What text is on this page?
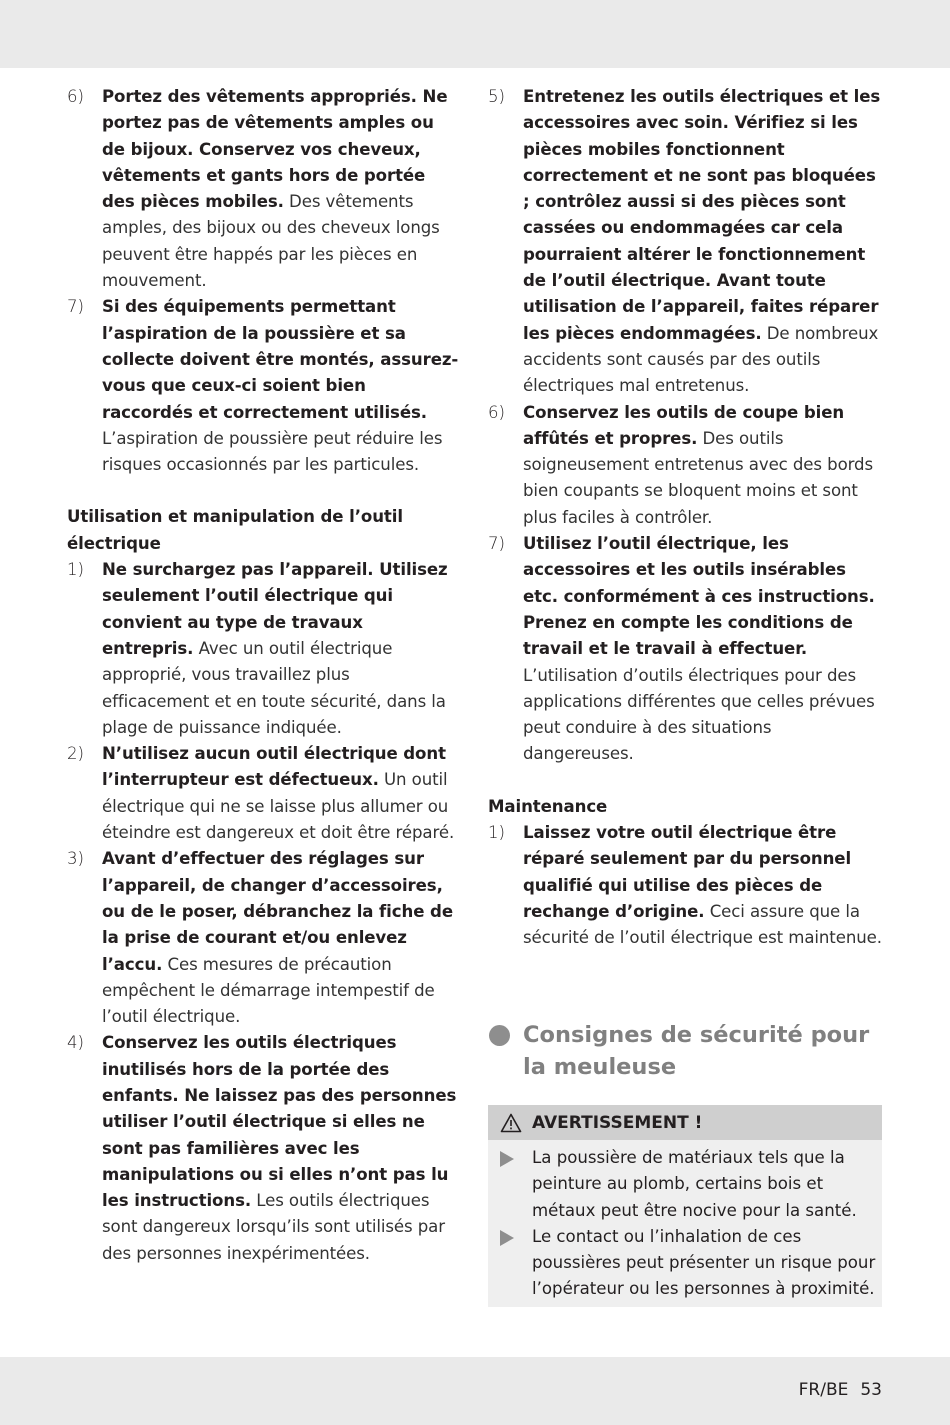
6)	Portez des vêtements appropriés. Ne portez pas de vêtements amples ou de bijoux. Conservez vos cheveux, vêtements et gants hors de portée des pièces mobiles. Des vêtements amples, des bijoux ou des cheveux longs peuvent être happés par les pièces en mouvement.
7)	Si des équipements permettant l’aspiration de la poussière et sa collecte doivent être montés, assurez-vous que ceux-ci soient bien raccordés et correctement utilisés. L’aspiration de poussière peut réduire les risques occasionnés par les particules.
Utilisation et manipulation de l’outil électrique
1)	Ne surchargez pas l’appareil. Utilisez seulement l’outil électrique qui convient au type de travaux entrepris. Avec un outil électrique approprié, vous travaillez plus efficacement et en toute sécurité, dans la plage de puissance indiquée.
2)	N’utilisez aucun outil électrique dont l’interrupteur est défectueux. Un outil électrique qui ne se laisse plus allumer ou éteindre est dangereux et doit être réparé.
3)	Avant d’effectuer des réglages sur l’appareil, de changer d’accessoires, ou de le poser, débranchez la fiche de la prise de courant et/ou enlevez l’accu. Ces mesures de précaution empêchent le démarrage intempestif de l’outil électrique.
4)	Conservez les outils électriques inutilisés hors de la portée des enfants. Ne laissez pas des personnes utiliser l’outil électrique si elles ne sont pas familières avec les manipulations ou si elles n’ont pas lu les instructions. Les outils électriques sont dangereux lorsqu’ils sont utilisés par des personnes inexpérimentées.
5)	Entretenez les outils électriques et les accessoires avec soin. Vérifiez si les pièces mobiles fonctionnent correctement et ne sont pas bloquées ; contrôlez aussi si des pièces sont cassées ou endommagées car cela pourraient altérer le fonctionnement de l’outil électrique. Avant toute utilisation de l’appareil, faites réparer les pièces endommagées. De nombreux accidents sont causés par des outils électriques mal entretenus.
6)	Conservez les outils de coupe bien affûtés et propres. Des outils soigneusement entretenus avec des bords bien coupants se bloquent moins et sont plus faciles à contrôler.
7)	Utilisez l’outil électrique, les accessoires et les outils insérables etc. conformément à ces instructions. Prenez en compte les conditions de travail et le travail à effectuer. L’utilisation d’outils électriques pour des applications différentes que celles prévues peut conduire à des situations dangereuses.
Maintenance
1)	Laissez votre outil électrique être réparé seulement par du personnel qualifié qui utilise des pièces de rechange d’origine. Ceci assure que la sécurité de l’outil électrique est maintenue.
Consignes de sécurité pour la meuleuse
AVERTISSEMENT !
La poussière de matériaux tels que la peinture au plomb, certains bois et métaux peut être nocive pour la santé.
Le contact ou l’inhalation de ces poussières peut présenter un risque pour l’opérateur ou les personnes à proximité.
FR/BE 53
